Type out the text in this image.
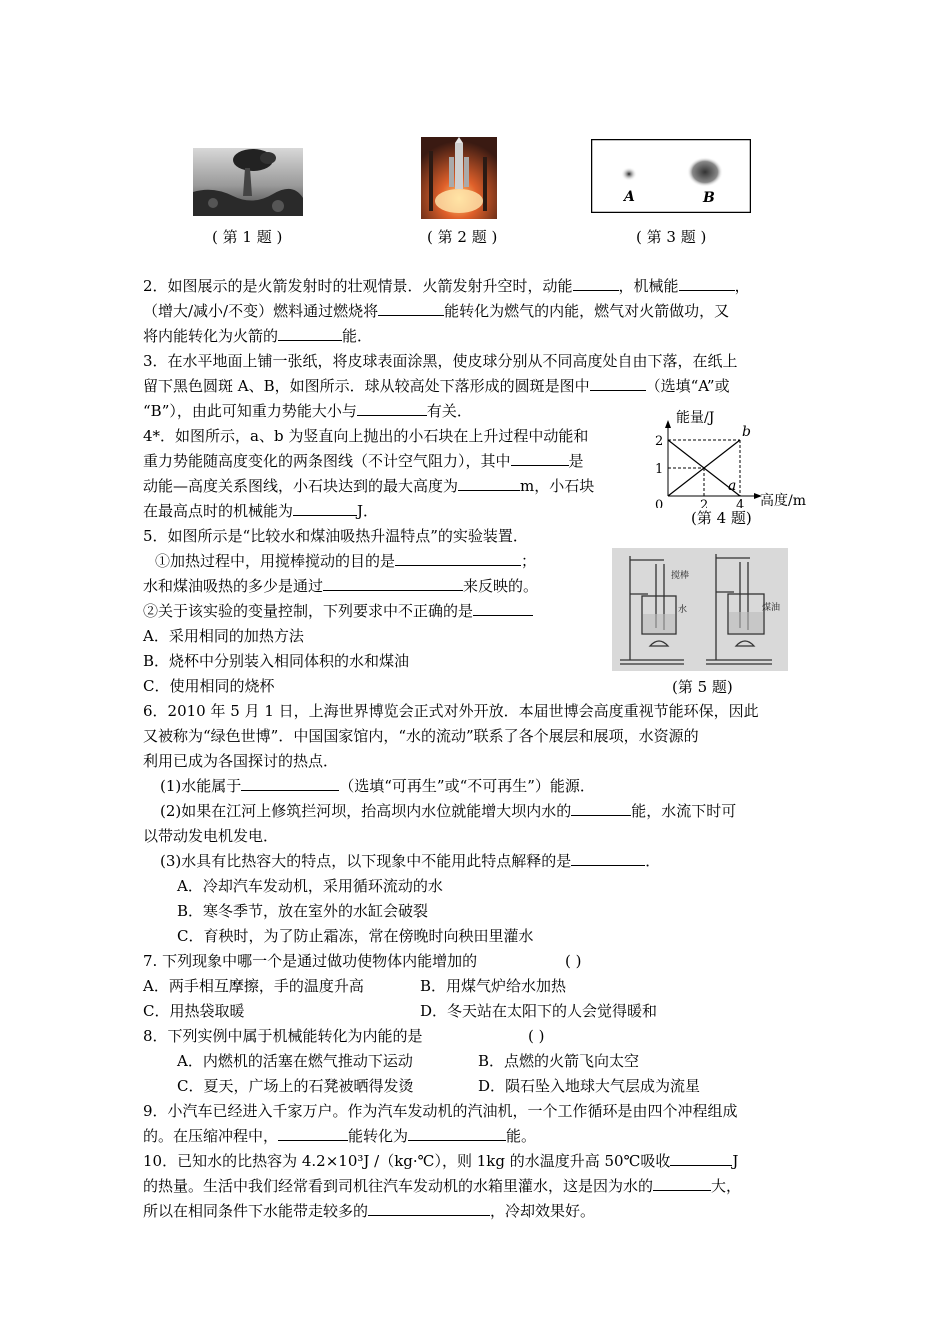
( 第 1 题 )	( 第 2 题 )
A	B
( 第 3 题 )
2．如图展示的是火箭发射时的壮观情景．火箭发射升空时，动能	，机械能	，
（增大/减小/不变）燃料通过燃烧将	能转化为燃气的内能，燃气对火箭做功，又
将内能转化为火箭的	能．
3．在水平地面上铺一张纸，将皮球表面涂黑，使皮球分别从不同高度处自由下落，在纸上
留下黑色圆斑 A、B，如图所示．球从较高处下落形成的圆斑是图中	（选填“A”或
“B”），由此可知重力势能大小与	有关．
4*．如图所示，a、b 为竖直向上抛出的小石块在上升过程中动能和
重力势能随高度变化的两条图线（不计空气阻力），其中	是
动能—高度关系图线，小石块达到的最大高度为	m，小石块
在最高点时的机械能为	J．
能量/J
高度/m
a
b
0	2 4
1
2
(第 4 题)
5．如图所示是“比较水和煤油吸热升温特点”的实验装置．
①加热过程中，用搅棒搅动的目的是	；
水和煤油吸热的多少是通过	来反映的。
②关于该实验的变量控制，下列要求中不正确的是
A．采用相同的加热方法
B．烧杯中分别装入相同体积的水和煤油
C．使用相同的烧杯
搅棒
水	煤油
(第 5 题)
6．2010 年 5 月 1 日，上海世界博览会正式对外开放．本届世博会高度重视节能环保，因此
又被称为“绿色世博”．中国国家馆内，“水的流动”联系了各个展层和展项，水资源的
利用已成为各国探讨的热点．
(1)水能属于	（选填“可再生”或“不可再生”）能源．
(2)如果在江河上修筑拦河坝，抬高坝内水位就能增大坝内水的	能，水流下时可
以带动发电机发电．
(3)水具有比热容大的特点，以下现象中不能用此特点解释的是	．
A．冷却汽车发动机，采用循环流动的水
B．寒冬季节，放在室外的水缸会破裂
C．育秧时，为了防止霜冻，常在傍晚时向秧田里灌水
7. 下列现象中哪一个是通过做功使物体内能增加的	( )
A．两手相互摩擦，手的温度升高	B．用煤气炉给水加热
C．用热袋取暖	D．冬天站在太阳下的人会觉得暖和
8．下列实例中属于机械能转化为内能的是	( )
A．内燃机的活塞在燃气推动下运动	B．点燃的火箭飞向太空
C．夏天，广场上的石凳被晒得发烫	D．陨石坠入地球大气层成为流星
9．小汽车已经进入千家万户。作为汽车发动机的汽油机，一个工作循环是由四个冲程组成
的。在压缩冲程中，	能转化为	能。
10．已知水的比热容为 4.2×10³J /（kg·℃），则 1kg 的水温度升高 50℃吸收	J
的热量。生活中我们经常看到司机往汽车发动机的水箱里灌水，这是因为水的	大，
所以在相同条件下水能带走较多的	，冷却效果好。
